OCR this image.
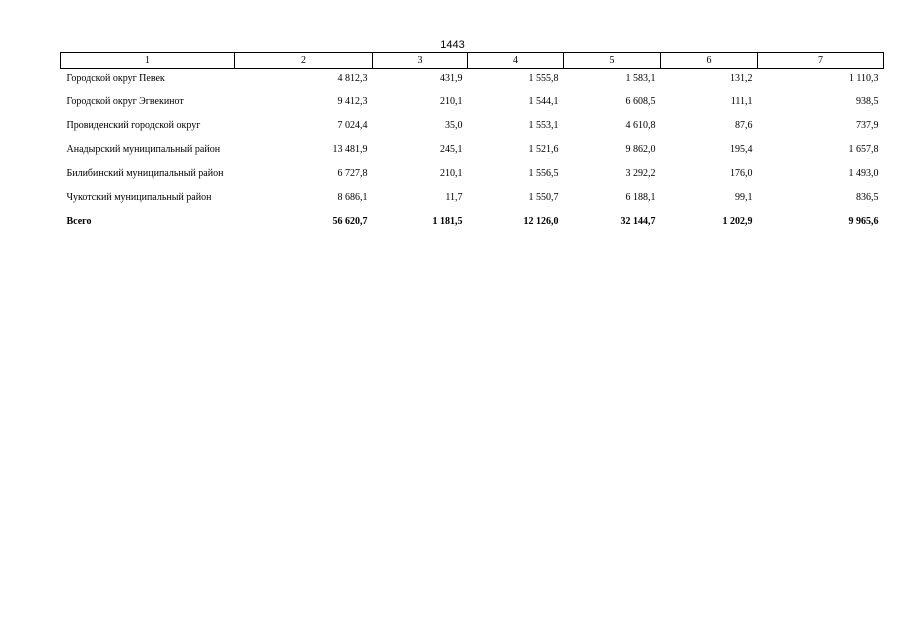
1443
1	2	3	4	5	6	7
Городской округ Певек	4 812,3	431,9	1 555,8	1 583,1	131,2	1 110,3
Городской округ Эгвекинот	9 412,3	210,1	1 544,1	6 608,5	111,1	938,5
Провиденский городской округ	7 024,4	35,0	1 553,1	4 610,8	87,6	737,9
Анадырский муниципальный район	13 481,9	245,1	1 521,6	9 862,0	195,4	1 657,8
Билибинский муниципальный район	6 727,8	210,1	1 556,5	3 292,2	176,0	1 493,0
Чукотский муниципальный район	8 686,1	11,7	1 550,7	6 188,1	99,1	836,5
Всего	56 620,7	1 181,5	12 126,0	32 144,7	1 202,9	9 965,6
